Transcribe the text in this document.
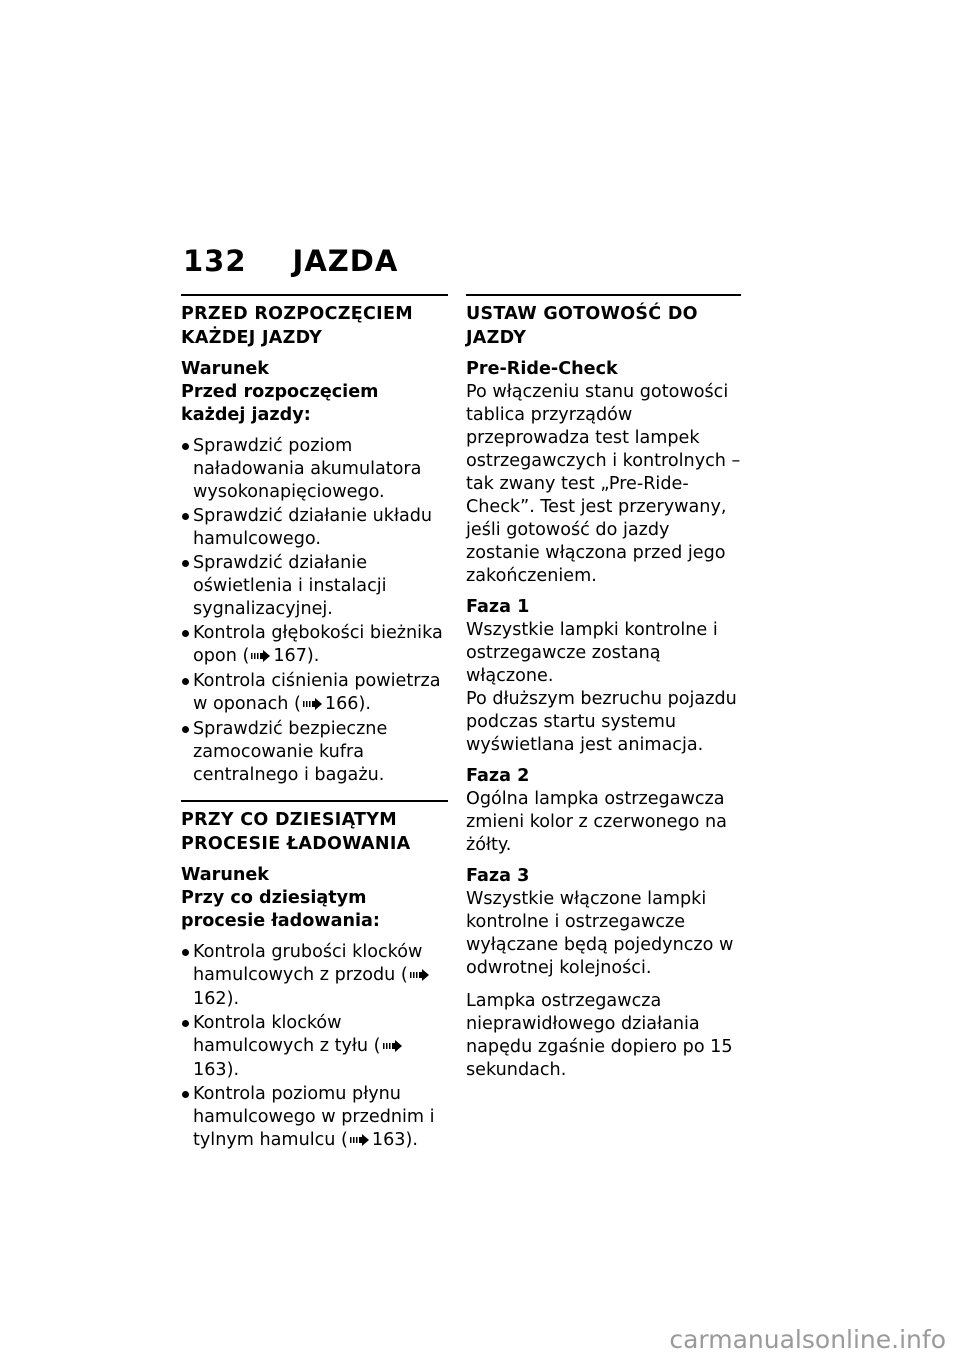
132 JAZDA
PRZED ROZPOCZĘCIEM KAŻDEJ JAZDY
Warunek
Przed rozpoczęciem każdej jazdy:
Sprawdzić poziom naładowania akumulatora wysokonapięciowego.
Sprawdzić działanie układu hamulcowego.
Sprawdzić działanie oświetlenia i instalacji sygnalizacyjnej.
Kontrola głębokości bieżnika opon ( 167).
Kontrola ciśnienia powietrza w oponach ( 166).
Sprawdzić bezpieczne zamocowanie kufra centralnego i bagażu.
PRZY CO DZIESIĄTYM PROCESIE ŁADOWANIA
Warunek
Przy co dziesiątym procesie ładowania:
Kontrola grubości klocków hamulcowych z przodu (162).
Kontrola klocków hamulcowych z tyłu (163).
Kontrola poziomu płynu hamulcowego w przednim i tylnym hamulcu ( 163).
USTAW GOTOWOŚĆ DO JAZDY
Pre-Ride-Check

Po włączeniu stanu gotowości tablica przyrządów przeprowadza test lampek ostrzegawczych i kontrolnych – tak zwany test „Pre-Ride-Check”. Test jest przerywany, jeśli gotowość do jazdy zostanie włączona przed jego zakończeniem.

Faza 1

Wszystkie lampki kontrolne i ostrzegawcze zostaną włączone.

Po dłuższym bezruchu pojazdu podczas startu systemu wyświetlana jest animacja.

Faza 2

Ogólna lampka ostrzegawcza zmieni kolor z czerwonego na żółty.

Faza 3

Wszystkie włączone lampki kontrolne i ostrzegawcze wyłączane będą pojedynczo w odwrotnej kolejności.

Lampka ostrzegawcza nieprawidłowego działania napędu zgaśnie dopiero po 15 sekundach.

carmanualsonline.info
